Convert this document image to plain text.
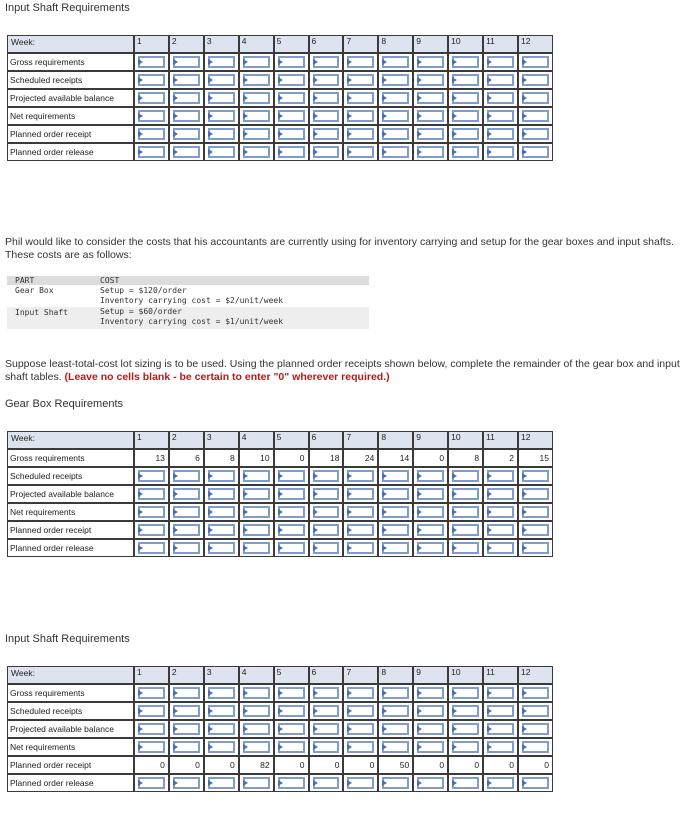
Input Shaft Requirements
Week:	1	2	3	4	5	6	7	8	9	10	11	12
Gross requirements	

Scheduled receipts	

Projected available balance	

Net requirements	

Planned order receipt	

Planned order release	

Phil would like to consider the costs that his accountants are currently using for inventory carrying and setup for the gear boxes and input shafts. These costs are as follows:
PART	COST
Gear Box	Setup = $120/order
Inventory carrying cost = $2/unit/week
Input Shaft	Setup = $60/order
Inventory carrying cost = $1/unit/week
Suppose least-total-cost lot sizing is to be used. Using the planned order receipts shown below, complete the remainder of the gear box and input shaft tables. (Leave no cells blank - be certain to enter "0" wherever required.)
Gear Box Requirements
Week:	1	2	3	4	5	6	7	8	9	10	11	12
Gross requirements	13	6	8	10	0	18	24	14	0	8	2	15
Scheduled receipts	

Projected available balance	

Net requirements	

Planned order receipt	

Planned order release	

Input Shaft Requirements
Week:	1	2	3	4	5	6	7	8	9	10	11	12
Gross requirements	

Scheduled receipts	

Projected available balance	

Net requirements	

Planned order receipt	0	0	0	82	0	0	0	50	0	0	0	0
Planned order release	
